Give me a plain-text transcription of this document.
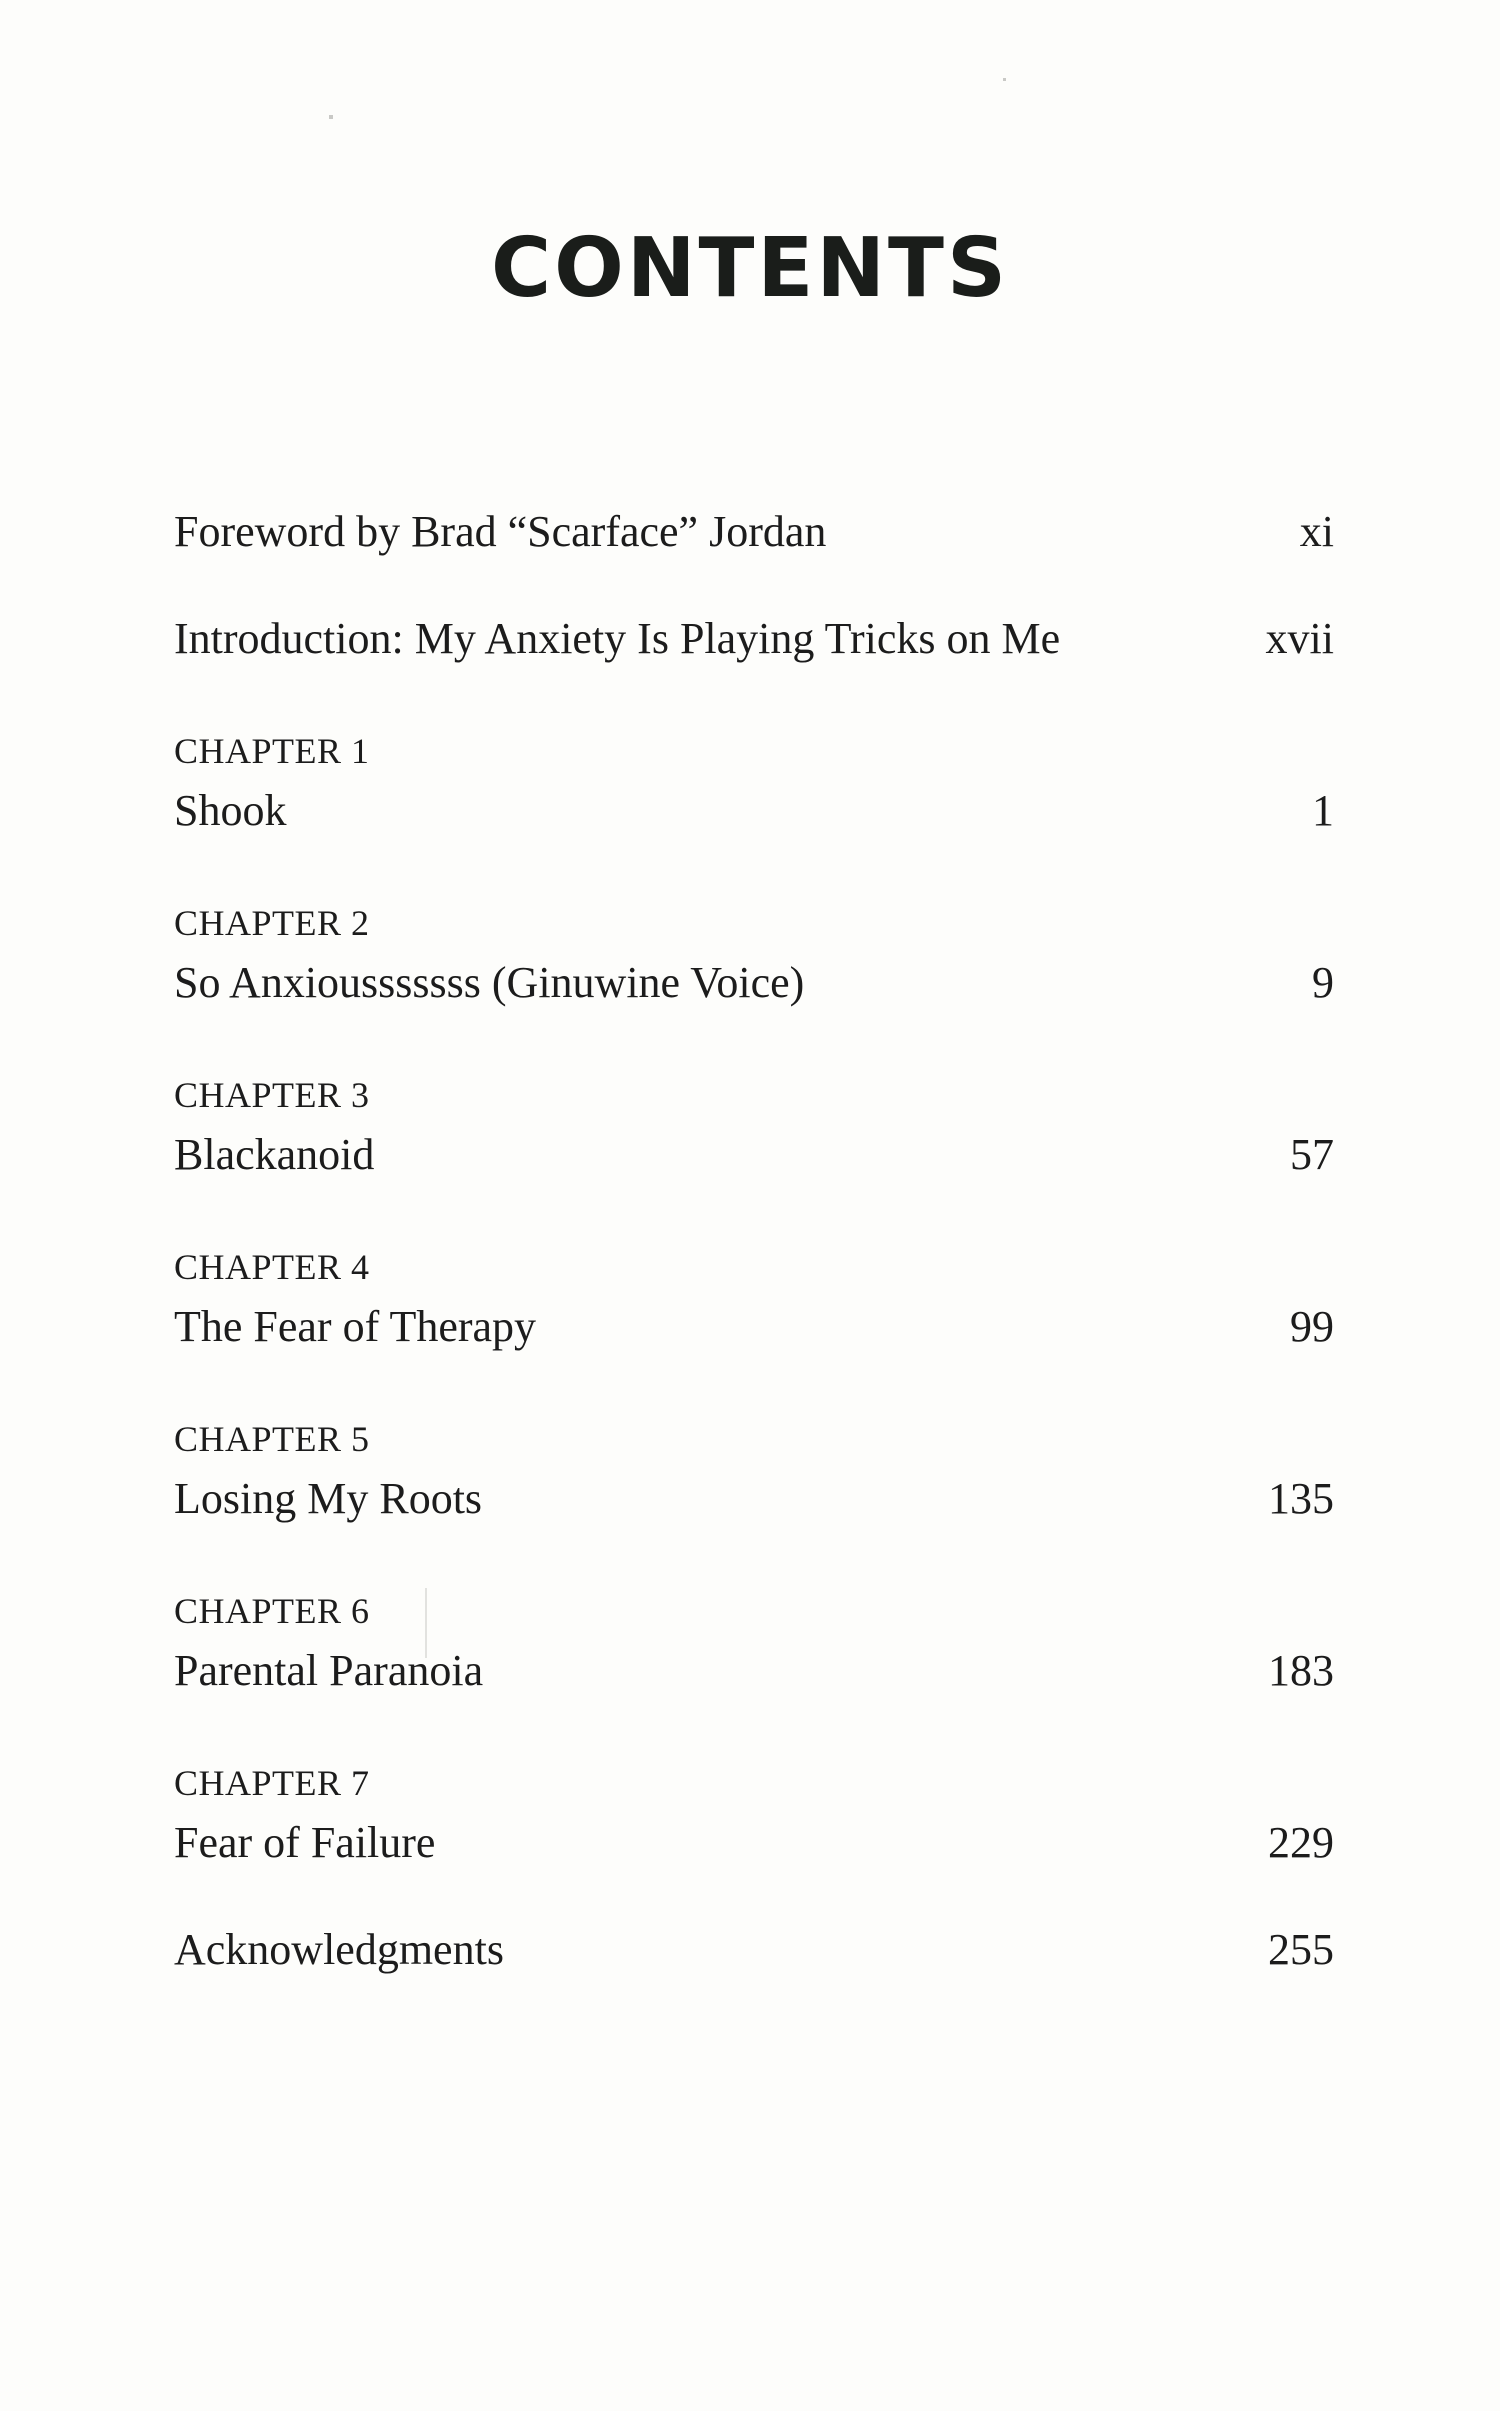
CONTENTS
Foreword by Brad “Scarface” Jordan	xi
Introduction: My Anxiety Is Playing Tricks on Me	xvii
CHAPTER 1
Shook	1
CHAPTER 2
So Anxiousssssss (Ginuwine Voice)	9
CHAPTER 3
Blackanoid	57
CHAPTER 4
The Fear of Therapy	99
CHAPTER 5
Losing My Roots	135
CHAPTER 6
Parental Paranoia	183
CHAPTER 7
Fear of Failure	229
Acknowledgments	255
